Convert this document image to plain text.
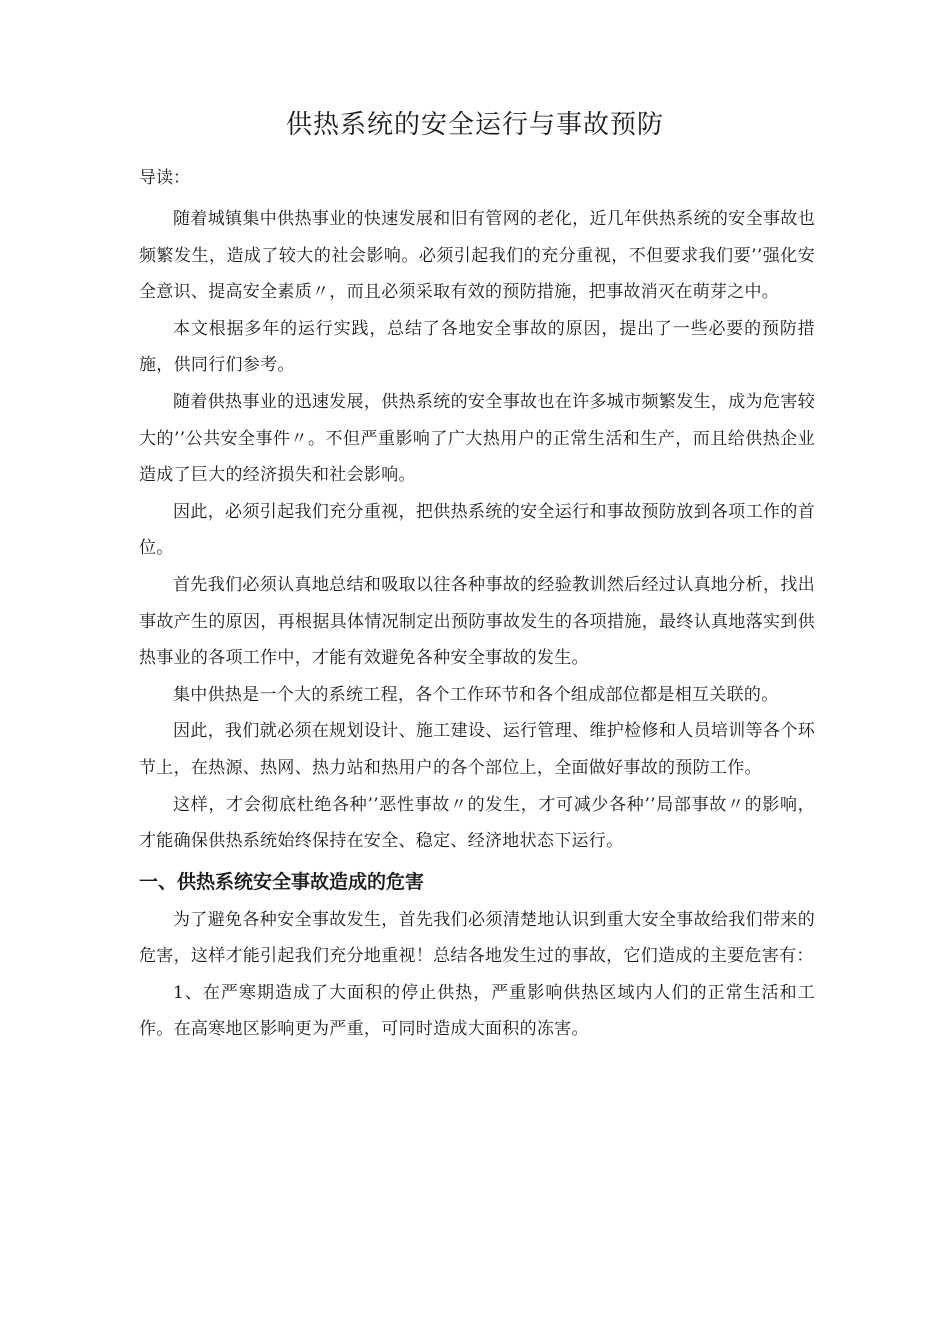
供热系统的安全运行与事故预防

导读：

随着城镇集中供热事业的快速发展和旧有管网的老化，近几年供热系统的安全事故也频繁发生，造成了较大的社会影响。必须引起我们的充分重视，不但要求我们要’’强化安全意识、提高安全素质〃，而且必须采取有效的预防措施，把事故消灭在萌芽之中。

本文根据多年的运行实践，总结了各地安全事故的原因，提出了一些必要的预防措施，供同行们参考。

随着供热事业的迅速发展，供热系统的安全事故也在许多城市频繁发生，成为危害较大的’’公共安全事件〃。不但严重影响了广大热用户的正常生活和生产，而且给供热企业造成了巨大的经济损失和社会影响。

因此，必须引起我们充分重视，把供热系统的安全运行和事故预防放到各项工作的首位。

首先我们必须认真地总结和吸取以往各种事故的经验教训然后经过认真地分析，找出事故产生的原因，再根据具体情况制定出预防事故发生的各项措施，最终认真地落实到供热事业的各项工作中，才能有效避免各种安全事故的发生。

集中供热是一个大的系统工程，各个工作环节和各个组成部位都是相互关联的。

因此，我们就必须在规划设计、施工建设、运行管理、维护检修和人员培训等各个环节上，在热源、热网、热力站和热用户的各个部位上，全面做好事故的预防工作。

这样，才会彻底杜绝各种’’恶性事故〃的发生，才可减少各种’’局部事故〃的影响，才能确保供热系统始终保持在安全、稳定、经济地状态下运行。

一、供热系统安全事故造成的危害

为了避免各种安全事故发生，首先我们必须清楚地认识到重大安全事故给我们带来的危害，这样才能引起我们充分地重视！总结各地发生过的事故，它们造成的主要危害有：

1、在严寒期造成了大面积的停止供热，严重影响供热区域内人们的正常生活和工作。在高寒地区影响更为严重，可同时造成大面积的冻害。
